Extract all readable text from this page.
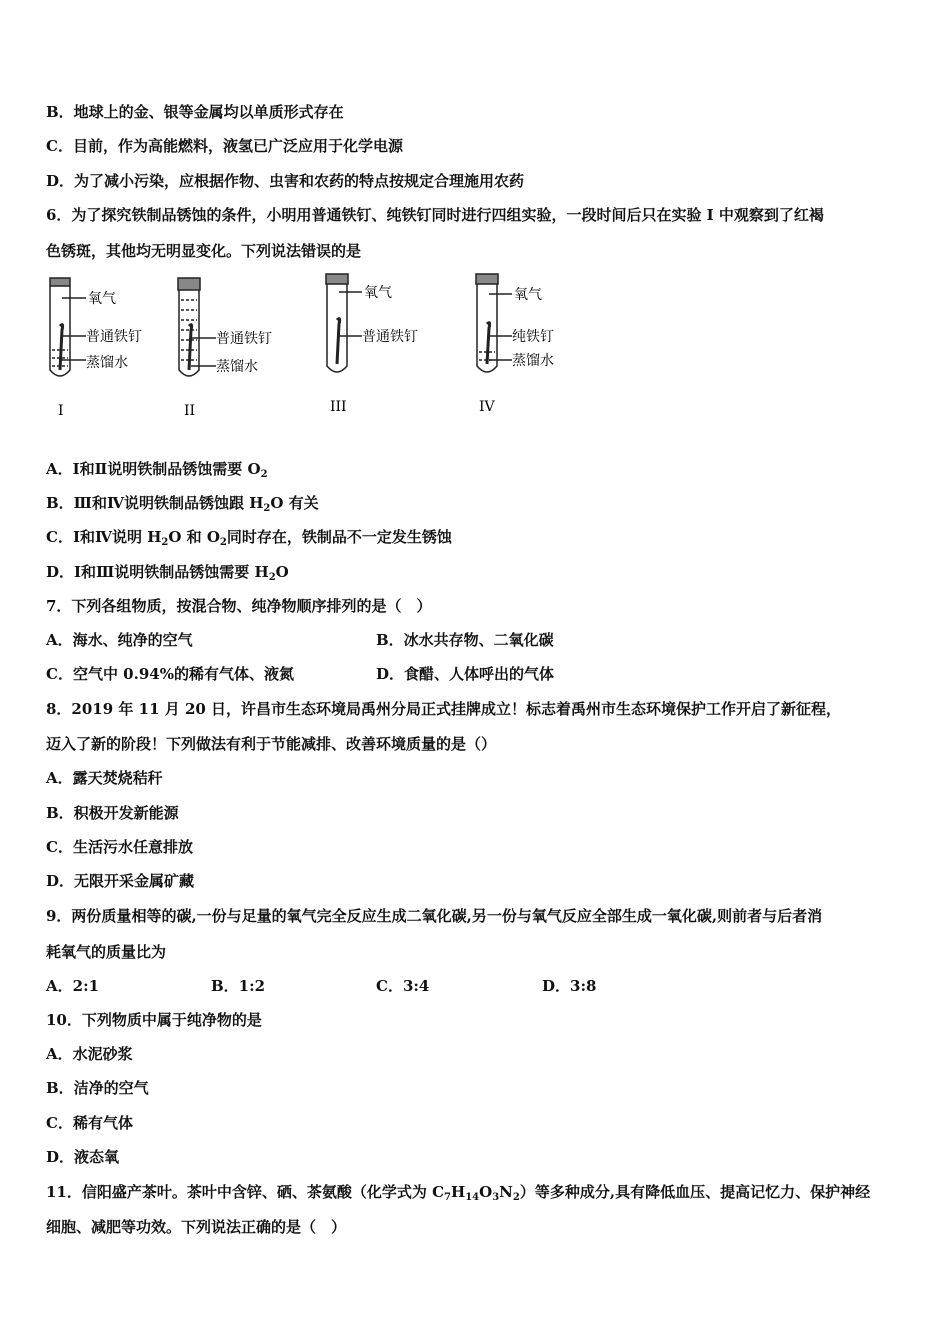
B．地球上的金、银等金属均以单质形式存在
C．目前，作为高能燃料，液氢已广泛应用于化学电源
D．为了减小污染，应根据作物、虫害和农药的特点按规定合理施用农药
6．为了探究铁制品锈蚀的条件，小明用普通铁钉、纯铁钉同时进行四组实验，一段时间后只在实验 I 中观察到了红褐
色锈斑，其他均无明显变化。下列说法错误的是
氧气
普通铁钉
蒸馏水
I
普通铁钉
蒸馏水
II
氧气
普通铁钉
III
氧气
纯铁钉
蒸馏水
IV
A．Ⅰ和Ⅱ说明铁制品锈蚀需要 $O_2$
B．Ⅲ和Ⅳ说明铁制品锈蚀跟 $H_2O$ 有关
C．Ⅰ和Ⅳ说明 $H_2O$ 和 $O_2$同时存在，铁制品不一定发生锈蚀
D．Ⅰ和Ⅲ说明铁制品锈蚀需要 $H_2O$
7．下列各组物质，按混合物、纯净物顺序排列的是（　）
A．海水、纯净的空气	B．冰水共存物、二氧化碳
C．空气中 0.94%的稀有气体、液氮	D．食醋、人体呼出的气体
8．2019 年 11 月 20 日，许昌市生态环境局禹州分局正式挂牌成立！标志着禹州市生态环境保护工作开启了新征程，
迈入了新的阶段！下列做法有利于节能减排、改善环境质量的是（）
A．露天焚烧秸秆
B．积极开发新能源
C．生活污水任意排放
D．无限开采金属矿藏
9．两份质量相等的碳,一份与足量的氧气完全反应生成二氧化碳,另一份与氧气反应全部生成一氧化碳,则前者与后者消
耗氧气的质量比为
A．2:1	B．1:2	C．3:4	D．3:8
10．下列物质中属于纯净物的是
A．水泥砂浆
B．洁净的空气
C．稀有气体
D．液态氧
11．信阳盛产茶叶。茶叶中含锌、硒、茶氨酸（化学式为 $C_7H_{14}O_3N_2$）等多种成分,具有降低血压、提高记忆力、保护神经
细胞、减肥等功效。下列说法正确的是（　）
